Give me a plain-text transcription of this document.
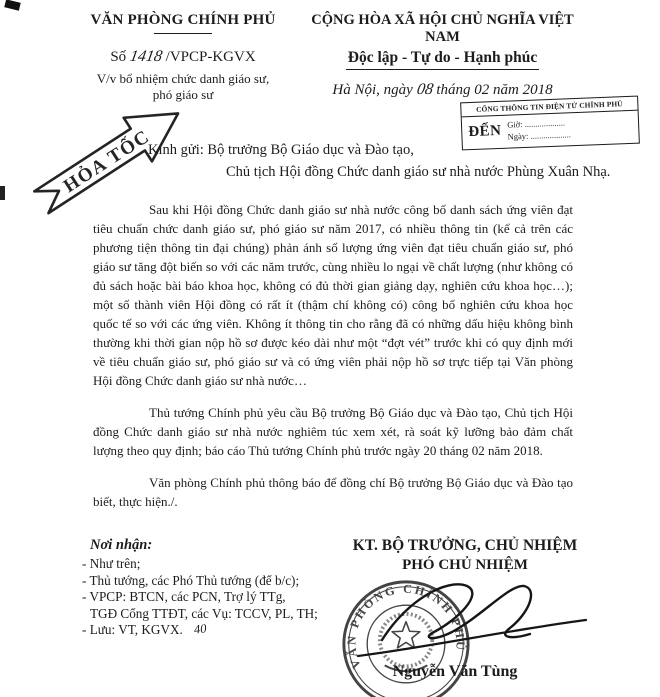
VĂN PHÒNG CHÍNH PHỦ
Số 1418 /VPCP-KGVX
V/v bổ nhiệm chức danh giáo sư,
phó giáo sư
CỘNG HÒA XÃ HỘI CHỦ NGHĨA VIỆT NAM
Độc lập - Tự do - Hạnh phúc
Hà Nội, ngày 08 tháng 02 năm 2018
HỎA TỐC
CỔNG THÔNG TIN ĐIỆN TỬ CHÍNH PHỦ
ĐẾN Giờ: ...................
Ngày: ...................
Kính gửi: Bộ trưởng Bộ Giáo dục và Đào tạo,
Chủ tịch Hội đồng Chức danh giáo sư nhà nước Phùng Xuân Nhạ.

Sau khi Hội đồng Chức danh giáo sư nhà nước công bố danh sách ứng viên đạt tiêu chuẩn chức danh giáo sư, phó giáo sư năm 2017, có nhiều thông tin (kể cả trên các phương tiện thông tin đại chúng) phản ánh số lượng ứng viên đạt tiêu chuẩn giáo sư, phó giáo sư tăng đột biến so với các năm trước, cùng nhiều lo ngại về chất lượng (như không có đủ sách hoặc bài báo khoa học, không có đủ thời gian giảng dạy, nghiên cứu khoa học…); một số thành viên Hội đồng có rất ít (thậm chí không có) công bố nghiên cứu khoa học quốc tế so với các ứng viên. Không ít thông tin cho rằng đã có những dấu hiệu không bình thường khi thời gian nộp hồ sơ được kéo dài như một “đợt vét” trước khi có quy định mới về tiêu chuẩn giáo sư, phó giáo sư và có ứng viên phải nộp hồ sơ trực tiếp tại Văn phòng Hội đồng Chức danh giáo sư nhà nước…

Thủ tướng Chính phủ yêu cầu Bộ trưởng Bộ Giáo dục và Đào tạo, Chủ tịch Hội đồng Chức danh giáo sư nhà nước nghiêm túc xem xét, rà soát kỹ lưỡng bảo đảm chất lượng theo quy định; báo cáo Thủ tướng Chính phủ trước ngày 20 tháng 02 năm 2018.

Văn phòng Chính phủ thông báo để đồng chí Bộ trưởng Bộ Giáo dục và Đào tạo biết, thực hiện./.

Nơi nhận:
- Như trên;
- Thủ tướng, các Phó Thủ tướng (để b/c);
- VPCP: BTCN, các PCN, Trợ lý TTg,
TGĐ Cổng TTĐT, các Vụ: TCCV, PL, TH;
- Lưu: VT, KGVX. 40
KT. BỘ TRƯỞNG, CHỦ NHIỆM
PHÓ CHỦ NHIỆM
VĂN PHÒNG CHÍNH PHỦ
Nguyễn Văn Tùng
